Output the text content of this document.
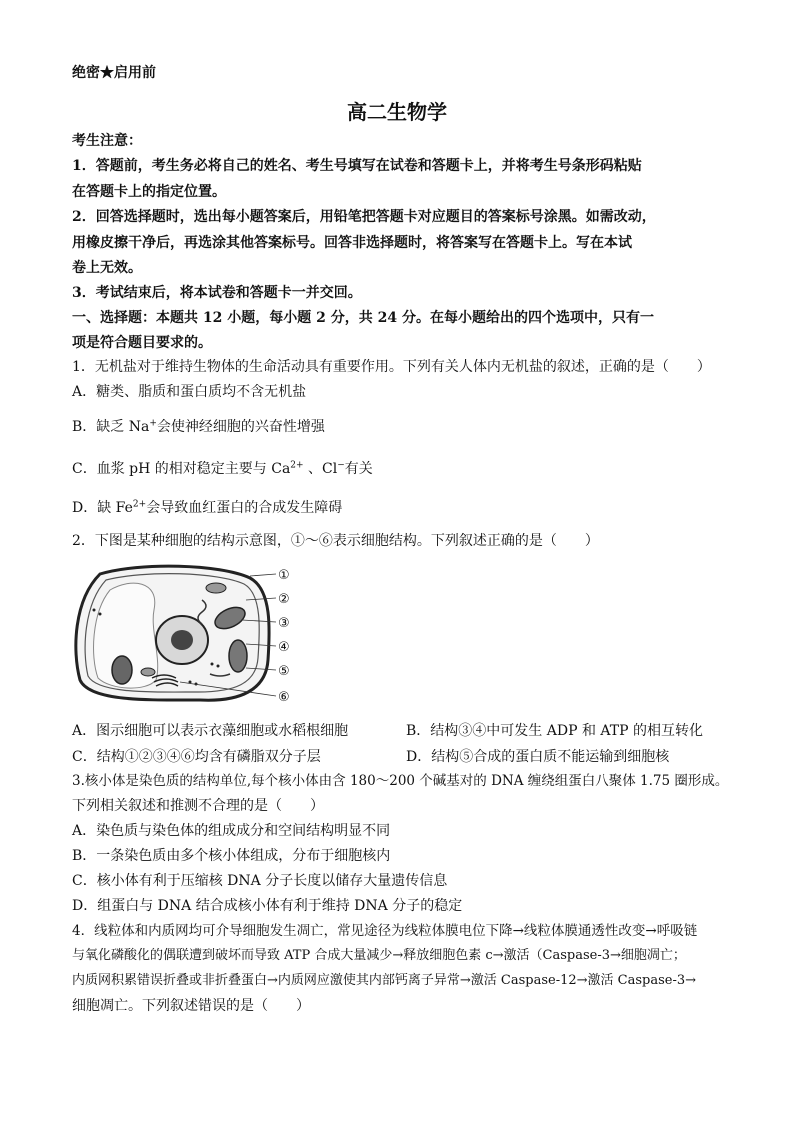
绝密★启用前
高二生物学
考生注意：
1．答题前，考生务必将自己的姓名、考生号填写在试卷和答题卡上，并将考生号条形码粘贴
在答题卡上的指定位置。
2．回答选择题时，选出每小题答案后，用铅笔把答题卡对应题目的答案标号涂黑。如需改动，
用橡皮擦干净后，再选涂其他答案标号。回答非选择题时，将答案写在答题卡上。写在本试
卷上无效。
3．考试结束后，将本试卷和答题卡一并交回。
一、选择题：本题共 12 小题，每小题 2 分，共 24 分。在每小题给出的四个选项中，只有一
项是符合题目要求的。
1．无机盐对于维持生物体的生命活动具有重要作用。下列有关人体内无机盐的叙述，正确的是（　　）
A．糖类、脂质和蛋白质均不含无机盐
B．缺乏 Na+会使神经细胞的兴奋性增强
C．血浆 pH 的相对稳定主要与 $Ca^{2+}$ 、Cl−有关
D．缺 $Fe^{2+}$会导致血红蛋白的合成发生障碍
2．下图是某种细胞的结构示意图，①～⑥表示细胞结构。下列叙述正确的是（　　）
①
②
③
④
⑤
⑥
A．图示细胞可以表示衣藻细胞或水稻根细胞	B．结构③④中可发生 ADP 和 ATP 的相互转化
C．结构①②③④⑥均含有磷脂双分子层	D．结构⑤合成的蛋白质不能运输到细胞核
3.核小体是染色质的结构单位,每个核小体由含 180～200 个碱基对的 DNA 缠绕组蛋白八聚体 1.75 圈形成。
下列相关叙述和推测不合理的是（　　）
A．染色质与染色体的组成成分和空间结构明显不同
B．一条染色质由多个核小体组成，分布于细胞核内
C．核小体有利于压缩核 DNA 分子长度以储存大量遗传信息
D．组蛋白与 DNA 结合成核小体有利于维持 DNA 分子的稳定
4．线粒体和内质网均可介导细胞发生凋亡，常见途径为线粒体膜电位下降→线粒体膜通透性改变→呼吸链
与氧化磷酸化的偶联遭到破坏而导致 ATP 合成大量减少→释放细胞色素 c→激活（Caspase-3→细胞凋亡；
内质网积累错误折叠或非折叠蛋白→内质网应激使其内部钙离子异常→激活 Caspase-12→激活 Caspase-3→
细胞凋亡。下列叙述错误的是（　　）
